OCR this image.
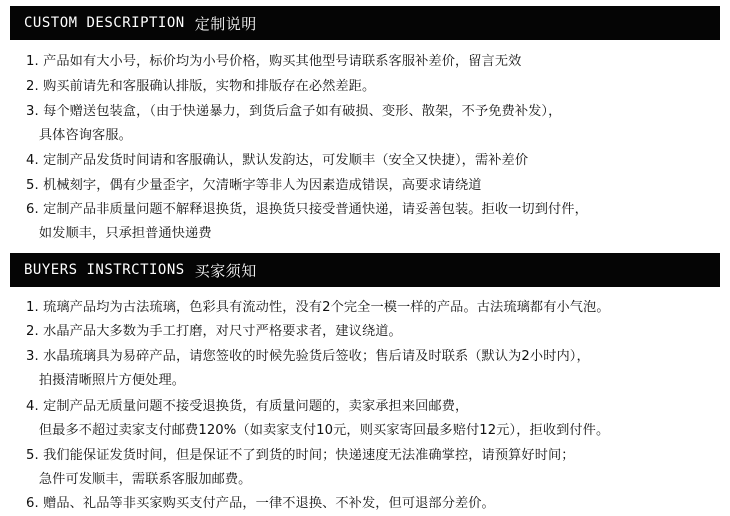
CUSTOM DESCRIPTION 定制说明
1. 产品如有大小号，标价均为小号价格，购买其他型号请联系客服补差价，留言无效
2. 购买前请先和客服确认排版，实物和排版存在必然差距。
3. 每个赠送包装盒，（由于快递暴力，到货后盒子如有破损、变形、散架，不予免费补发），
具体咨询客服。
4. 定制产品发货时间请和客服确认，默认发韵达，可发顺丰（安全又快捷），需补差价
5. 机械刻字，偶有少量歪字，欠清晰字等非人为因素造成错误，高要求请绕道
6. 定制产品非质量问题不解释退换货，退换货只接受普通快递，请妥善包装。拒收一切到付件，
如发顺丰，只承担普通快递费
BUYERS INSTRCTIONS 买家须知
1. 琉璃产品均为古法琉璃，色彩具有流动性，没有2个完全一模一样的产品。古法琉璃都有小气泡。
2. 水晶产品大多数为手工打磨，对尺寸严格要求者，建议绕道。
3. 水晶琉璃具为易碎产品，请您签收的时候先验货后签收；售后请及时联系（默认为2小时内），
拍摄清晰照片方便处理。
4. 定制产品无质量问题不接受退换货，有质量问题的，卖家承担来回邮费，
但最多不超过卖家支付邮费120%（如卖家支付10元，则买家寄回最多赔付12元），拒收到付件。
5. 我们能保证发货时间，但是保证不了到货的时间；快递速度无法准确掌控，请预算好时间；
急件可发顺丰，需联系客服加邮费。
6. 赠品、礼品等非买家购买支付产品，一律不退换、不补发，但可退部分差价。
